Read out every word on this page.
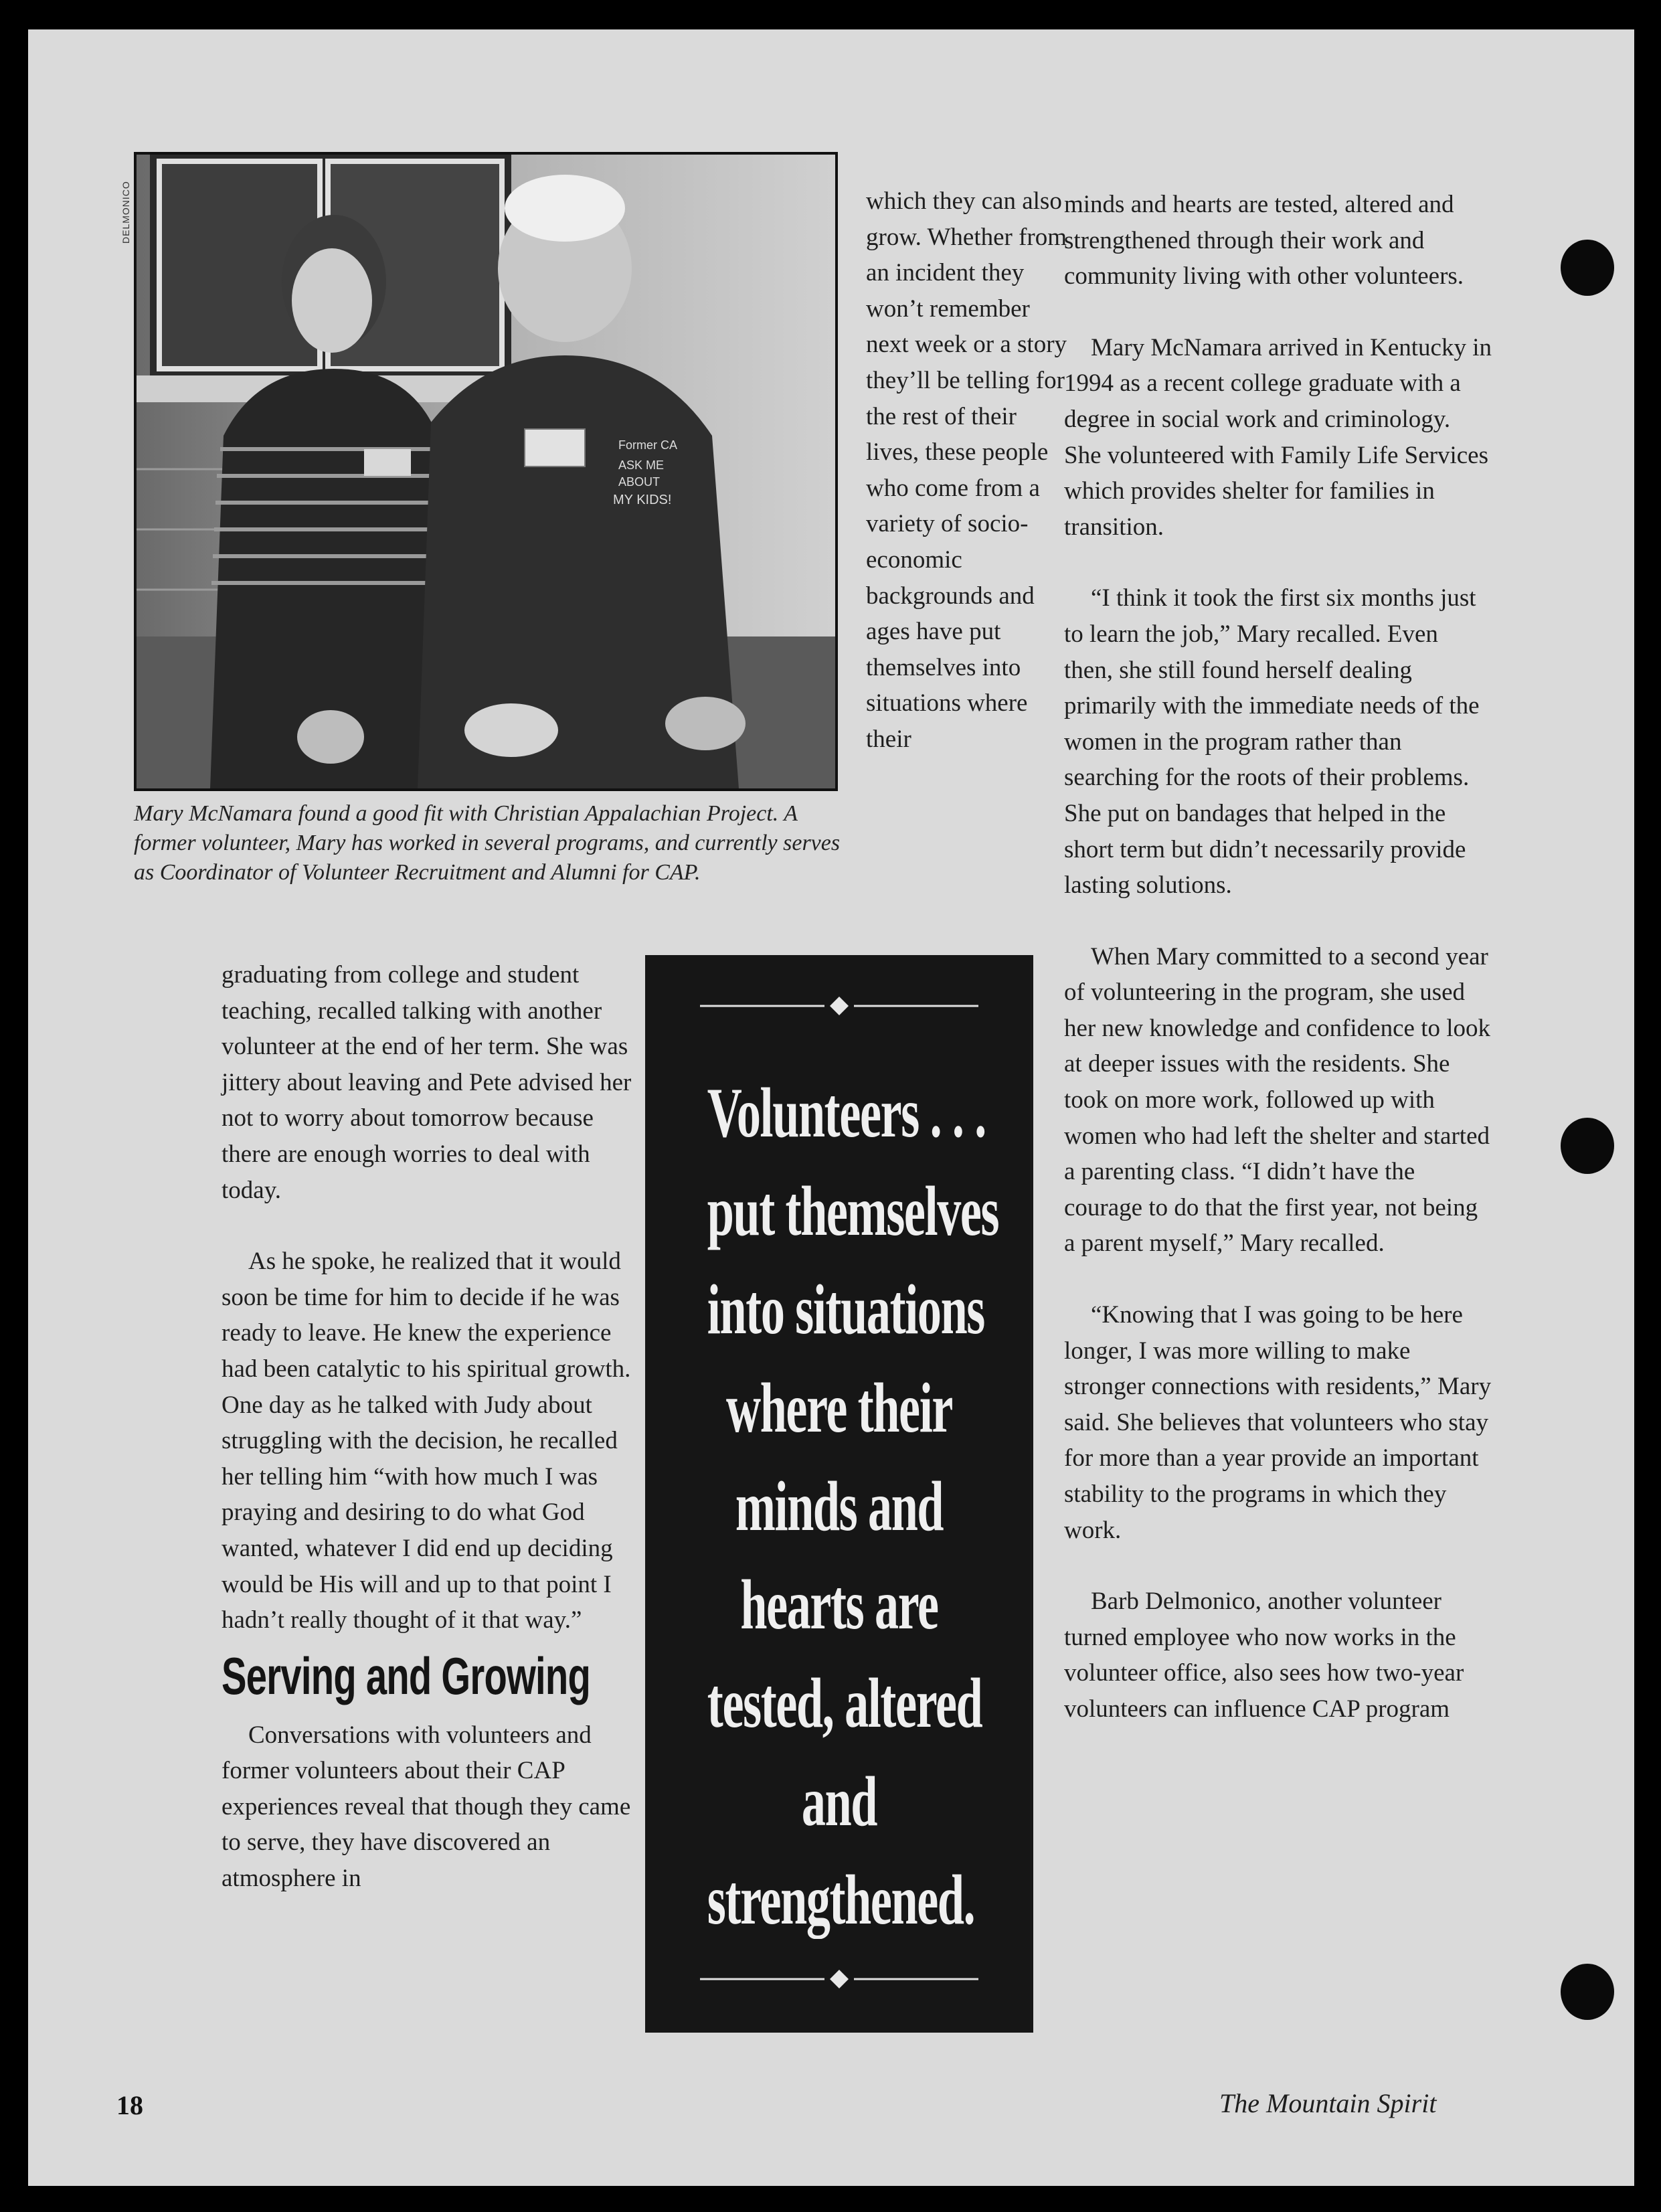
DELMONICO
Former CA
ASK ME
ABOUT
MY KIDS!
Mary McNamara found a good fit with Christian Appalachian Project. A former volunteer, Mary has worked in several programs, and currently serves as Coordinator of Volunteer Recruitment and Alumni for CAP.

graduating from college and student teaching, recalled talking with another volunteer at the end of her term. She was jittery about leaving and Pete advised her not to worry about tomorrow because there are enough worries to deal with today.

As he spoke, he realized that it would soon be time for him to decide if he was ready to leave. He knew the experience had been catalytic to his spiritual growth. One day as he talked with Judy about struggling with the decision, he recalled her telling him “with how much I was praying and desiring to do what God wanted, whatever I did end up deciding would be His will and up to that point I hadn’t really thought of it that way.”

Serving and Growing

Conversations with volunteers and former volunteers about their CAP experiences reveal that though they came to serve, they have discovered an atmosphere in

which they can also grow. Whether from an incident they won’t remember next week or a story they’ll be telling for the rest of their lives, these people who come from a variety of socio-economic backgrounds and ages have put themselves into situations where their

minds and hearts are tested, altered and strengthened through their work and community living with other volunteers.

Mary McNamara arrived in Kentucky in 1994 as a recent college graduate with a degree in social work and criminology. She volunteered with Family Life Services which provides shelter for families in transition.

“I think it took the first six months just to learn the job,” Mary recalled. Even then, she still found herself dealing primarily with the immediate needs of the women in the program rather than searching for the roots of their problems. She put on bandages that helped in the short term but didn’t necessarily provide lasting solutions.

When Mary committed to a second year of volunteering in the program, she used her new knowledge and confidence to look at deeper issues with the residents. She took on more work, followed up with women who had left the shelter and started a parenting class. “I didn’t have the courage to do that the first year, not being a parent myself,” Mary recalled.

“Knowing that I was going to be here longer, I was more willing to make stronger connections with residents,” Mary said. She believes that volunteers who stay for more than a year provide an important stability to the programs in which they work.

Barb Delmonico, another volunteer turned employee who now works in the volunteer office, also sees how two-year volunteers can influence CAP program

Volunteers . . .
put themselves
into situations
where their
minds and
hearts are
tested, altered
and
strengthened.
18	The Mountain Spirit
